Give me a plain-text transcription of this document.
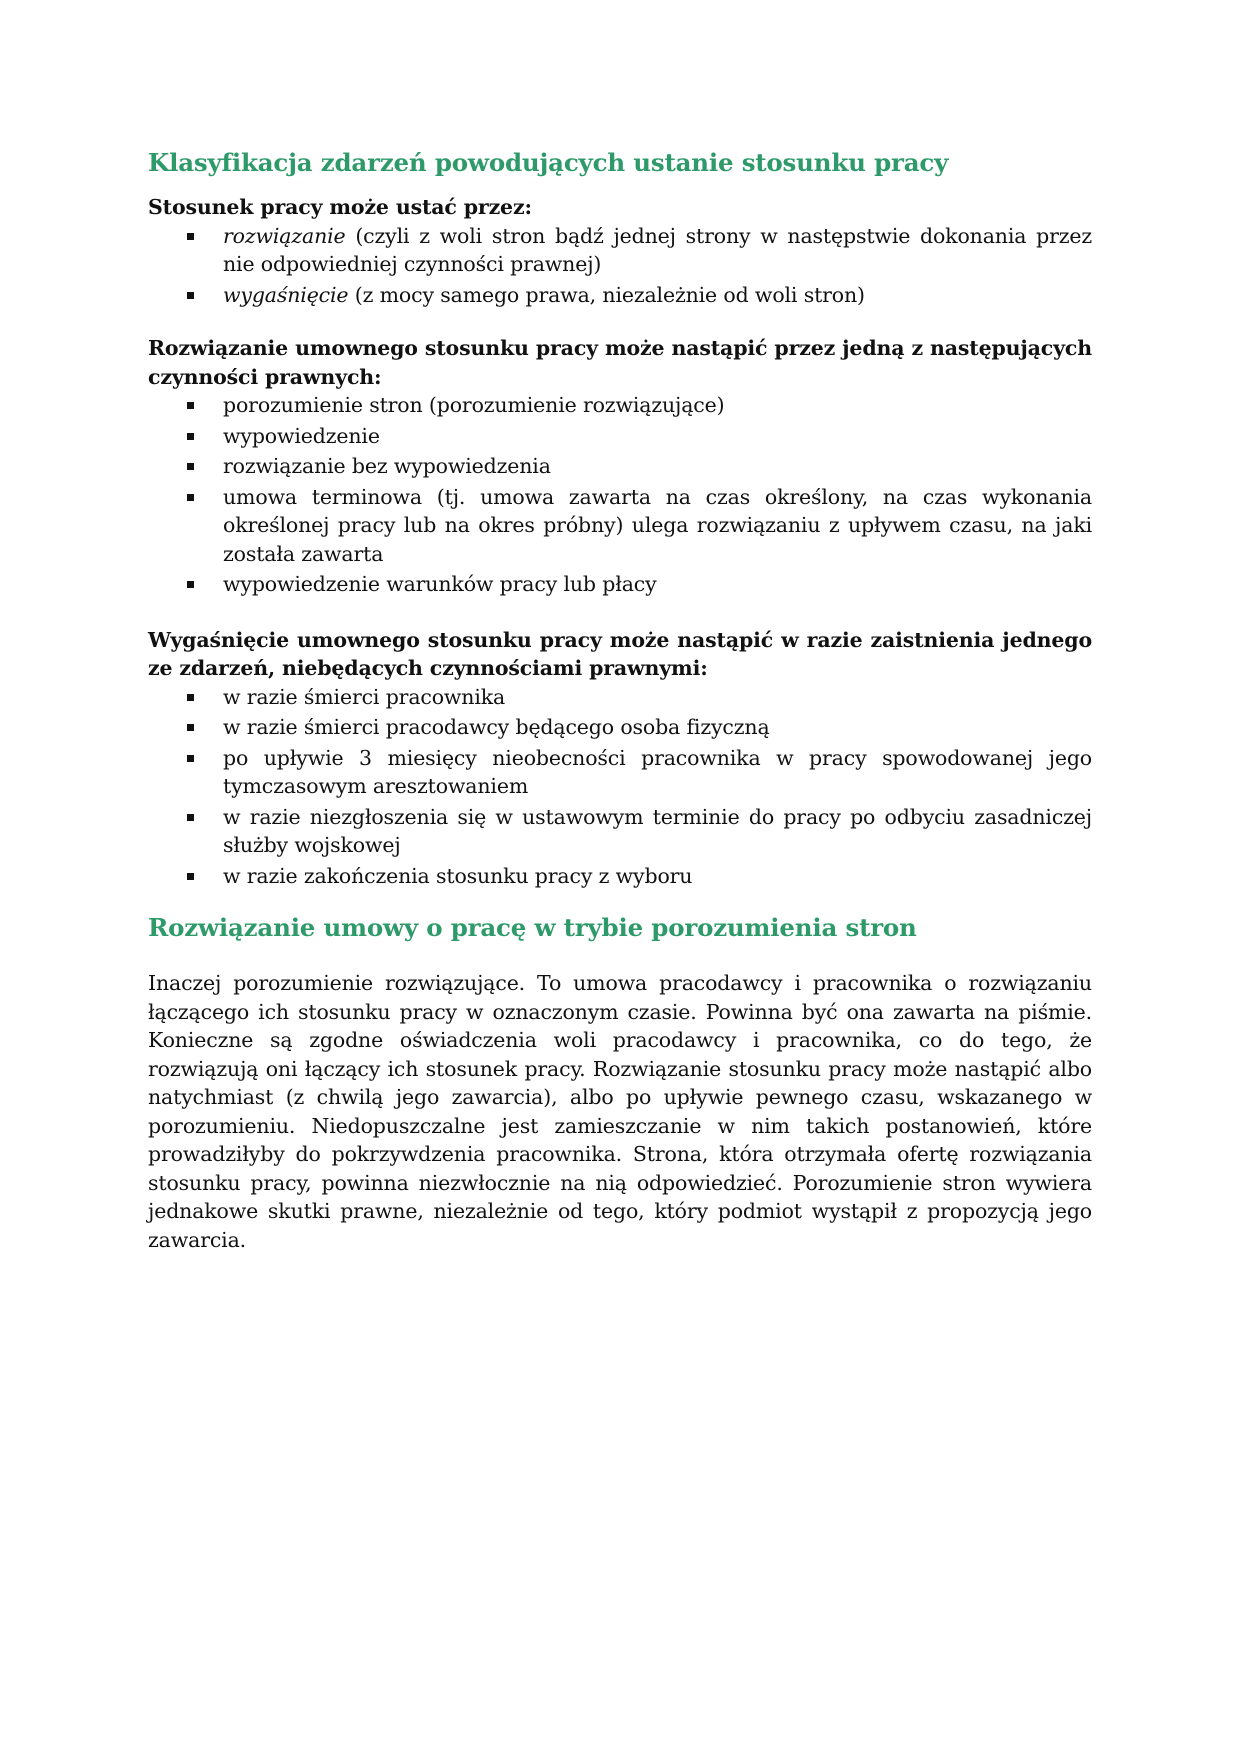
Klasyfikacja zdarzeń powodujących ustanie stosunku pracy

Stosunek pracy może ustać przez:

rozwiązanie (czyli z woli stron bądź jednej strony w następstwie dokonania przez nie odpowiedniej czynności prawnej)
wygaśnięcie (z mocy samego prawa, niezależnie od woli stron)

Rozwiązanie umownego stosunku pracy może nastąpić przez jedną z następujących czynności prawnych:

porozumienie stron (porozumienie rozwiązujące)
wypowiedzenie
rozwiązanie bez wypowiedzenia
umowa terminowa (tj. umowa zawarta na czas określony, na czas wykonania określonej pracy lub na okres próbny) ulega rozwiązaniu z upływem czasu, na jaki została zawarta
wypowiedzenie warunków pracy lub płacy

Wygaśnięcie umownego stosunku pracy może nastąpić w razie zaistnienia jednego ze zdarzeń, niebędących czynnościami prawnymi:

w razie śmierci pracownika
w razie śmierci pracodawcy będącego osoba fizyczną
po upływie 3 miesięcy nieobecności pracownika w pracy spowodowanej jego tymczasowym aresztowaniem
w razie niezgłoszenia się w ustawowym terminie do pracy po odbyciu zasadniczej służby wojskowej
w razie zakończenia stosunku pracy z wyboru
Rozwiązanie umowy o pracę w trybie porozumienia stron

Inaczej porozumienie rozwiązujące. To umowa pracodawcy i pracownika o rozwiązaniu łączącego ich stosunku pracy w oznaczonym czasie. Powinna być ona zawarta na piśmie. Konieczne są zgodne oświadczenia woli pracodawcy i pracownika, co do tego, że rozwiązują oni łączący ich stosunek pracy. Rozwiązanie stosunku pracy może nastąpić albo natychmiast (z chwilą jego zawarcia), albo po upływie pewnego czasu, wskazanego w porozumieniu. Niedopuszczalne jest zamieszczanie w nim takich postanowień, które prowadziłyby do pokrzywdzenia pracownika. Strona, która otrzymała ofertę rozwiązania stosunku pracy, powinna niezwłocznie na nią odpowiedzieć. Porozumienie stron wywiera jednakowe skutki prawne, niezależnie od tego, który podmiot wystąpił z propozycją jego zawarcia.
